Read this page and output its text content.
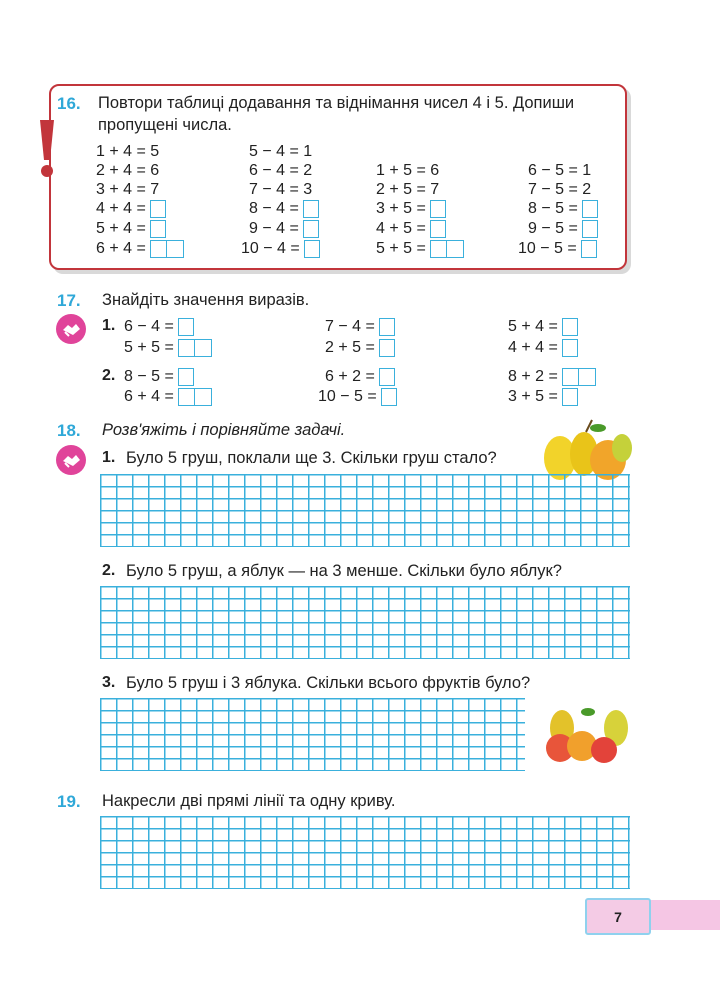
16. Повтори таблиці додавання та віднімання чисел 4 і 5. Допиши пропущені числа.
1 + 4 = 5
2 + 4 = 6
3 + 4 = 7
4 + 4 =
5 + 4 =
6 + 4 =
5 − 4 = 1
6 − 4 = 2
7 − 4 = 3
8 − 4 =
9 − 4 =
10 − 4 =
1 + 5 = 6
2 + 5 = 7
3 + 5 =
4 + 5 =
5 + 5 =
6 − 5 = 1
7 − 5 = 2
8 − 5 =
9 − 5 =
10 − 5 =
17. Знайдіть значення виразів.
1. 6 − 4 =
5 + 5 =
7 − 4 =
2 + 5 =
5 + 4 =
4 + 4 =
2. 8 − 5 =
6 + 4 =
6 + 2 =
10 − 5 =
8 + 2 =
3 + 5 =
18. Розв'яжіть і порівняйте задачі.
1. Було 5 груш, поклали ще 3. Скільки груш стало?
2. Було 5 груш, а яблук — на 3 менше. Скільки було яблук?
3. Було 5 груш і 3 яблука. Скільки всього фруктів було?
19. Накресли дві прямі лінії та одну криву.
7
